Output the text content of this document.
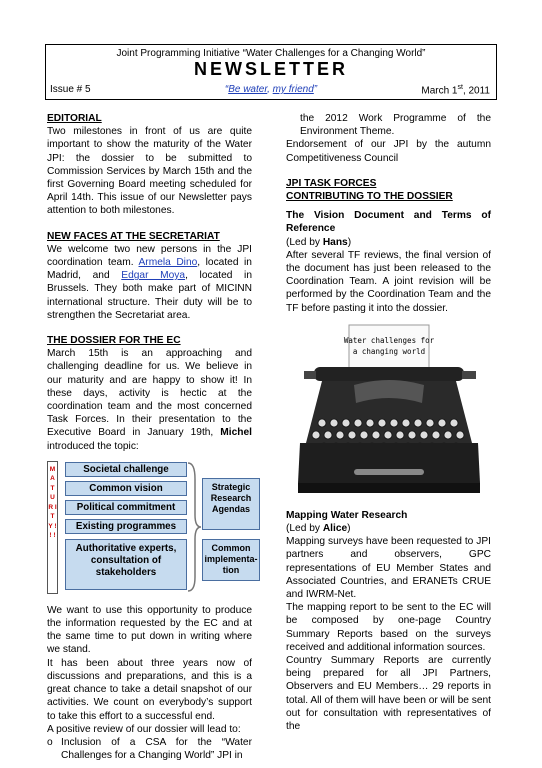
Joint Programming Initiative “Water Challenges for a Changing World”
NEWSLETTER
Issue # 5	“Be water, my friend”	March 1st, 2011
EDITORIAL

Two milestones in front of us are quite important to show the maturity of the Water JPI: the dossier to be submitted to Commission Services by March 15th and the first Governing Board meeting scheduled for April 14th. This issue of our Newsletter pays attention to both milestones.

NEW FACES AT THE SECRETARIAT

We welcome two new persons in the JPI coordination team. Armela Dino, located in Madrid, and Edgar Moya, located in Brussels. They both make part of MICINN international structure. Their duty will be to strengthen the Secretariat area.

THE DOSSIER FOR THE EC

March 15th is an approaching and challenging deadline for us. We believe in our maturity and are happy to show it! In these days, activity is hectic at the coordination team and the most concerned Task Forces. In their presentation to the Executive Board in January 19th, Michel introduced the topic:

M A T U R I T Y ! ! !
Societal challenge
Common vision
Political commitment
Existing programmes
Authoritative experts, consultation of stakeholders
Strategic Research Agendas
Common implementa-tion

We want to use this opportunity to produce the information requested by the EC and at the same time to put down in writing where we stand.

It has been about three years now of discussions and preparations, and this is a great chance to take a detail snapshot of our activities. We count on everybody’s support to take this effort to a successful end.

A positive review of our dossier will lead to:

o Inclusion of a CSA for the “Water Challenges for a Changing World” JPI in

the 2012 Work Programme of the Environment Theme.

Endorsement of our JPI by the autumn Competitiveness Council

JPI TASK FORCES
CONTRIBUTING TO THE DOSSIER
The Vision Document and Terms of Reference

(Led by Hans)

After several TF reviews, the final version of the document has just been released to the Coordination Team. A joint revision will be performed by the Coordination Team and the TF before pasting it into the dossier.

Water challenges for
a changing world
Mapping Water Research

(Led by Alice)

Mapping surveys have been requested to JPI partners and observers, GPC representations of EU Member States and Associated Countries, and ERANETs CRUE and IWRM-Net.

The mapping report to be sent to the EC will be composed by one-page Country Summary Reports based on the surveys received and additional information sources.

Country Summary Reports are currently being prepared for all JPI Partners, Observers and EU Members… 29 reports in total. All of them will have been or will be sent out for consultation with representatives of the
